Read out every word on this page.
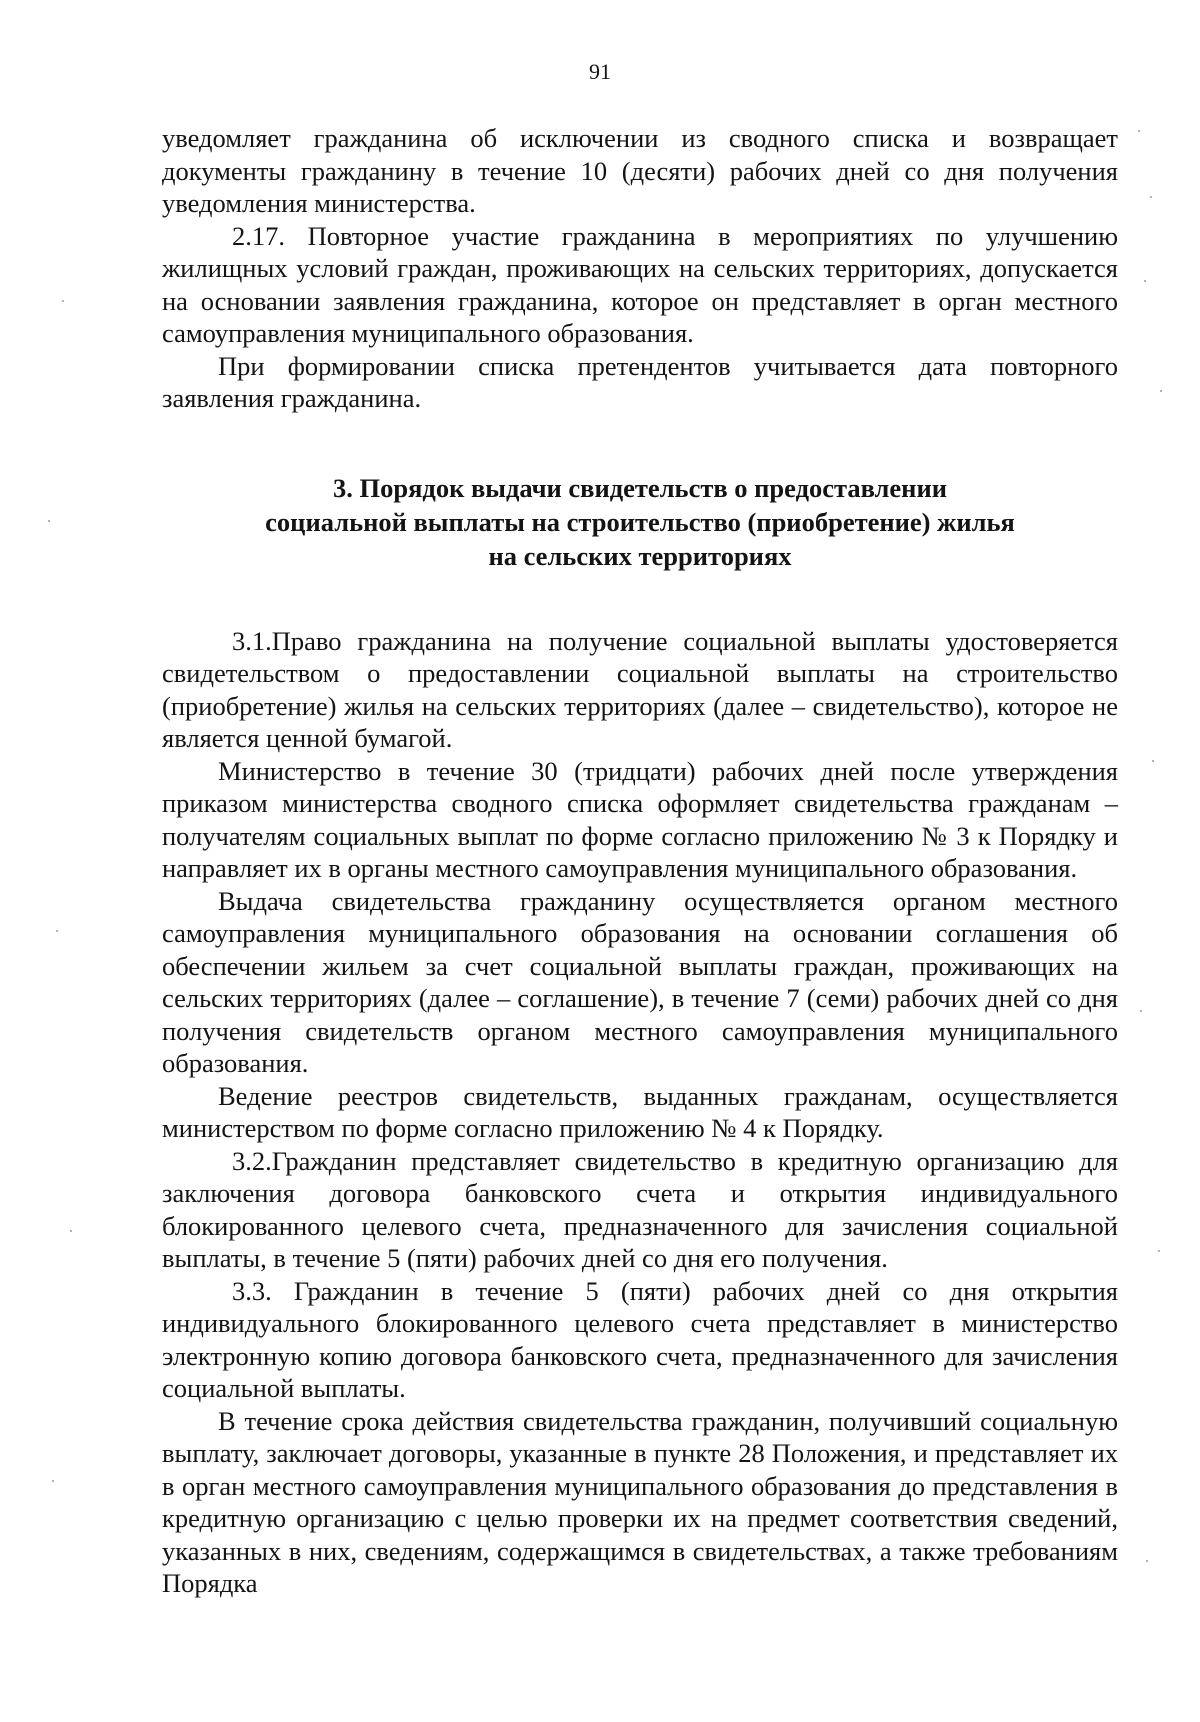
91

уведомляет гражданина об исключении из сводного списка и возвращает документы гражданину в течение 10 (десяти) рабочих дней со дня получения уведомления министерства.

2.17. Повторное участие гражданина в мероприятиях по улучшению жилищных условий граждан, проживающих на сельских территориях, допускается на основании заявления гражданина, которое он представляет в орган местного самоуправления муниципального образования.

При формировании списка претендентов учитывается дата повторного заявления гражданина.

3. Порядок выдачи свидетельств о предоставлении
социальной выплаты на строительство (приобретение) жилья
на сельских территориях

3.1.Право гражданина на получение социальной выплаты удостоверяется свидетельством о предоставлении социальной выплаты на строительство (приобретение) жилья на сельских территориях (далее – свидетельство), которое не является ценной бумагой.

Министерство в течение 30 (тридцати) рабочих дней после утверждения приказом министерства сводного списка оформляет свидетельства гражданам – получателям социальных выплат по форме согласно приложению № 3 к Порядку и направляет их в органы местного самоуправления муниципального образования.

Выдача свидетельства гражданину осуществляется органом местного самоуправления муниципального образования на основании соглашения об обеспечении жильем за счет социальной выплаты граждан, проживающих на сельских территориях (далее – соглашение), в течение 7 (семи) рабочих дней со дня получения свидетельств органом местного самоуправления муниципального образования.

Ведение реестров свидетельств, выданных гражданам, осуществляется министерством по форме согласно приложению № 4 к Порядку.

3.2.Гражданин представляет свидетельство в кредитную организацию для заключения договора банковского счета и открытия индивидуального блокированного целевого счета, предназначенного для зачисления социальной выплаты, в течение 5 (пяти) рабочих дней со дня его получения.

3.3. Гражданин в течение 5 (пяти) рабочих дней со дня открытия индивидуального блокированного целевого счета представляет в министерство электронную копию договора банковского счета, предназначенного для зачисления социальной выплаты.

В течение срока действия свидетельства гражданин, получивший социальную выплату, заключает договоры, указанные в пункте 28 Положения, и представляет их в орган местного самоуправления муниципального образования до представления в кредитную организацию с целью проверки их на предмет соответствия сведений, указанных в них, сведениям, содержащимся в свидетельствах, а также требованиям Порядка
